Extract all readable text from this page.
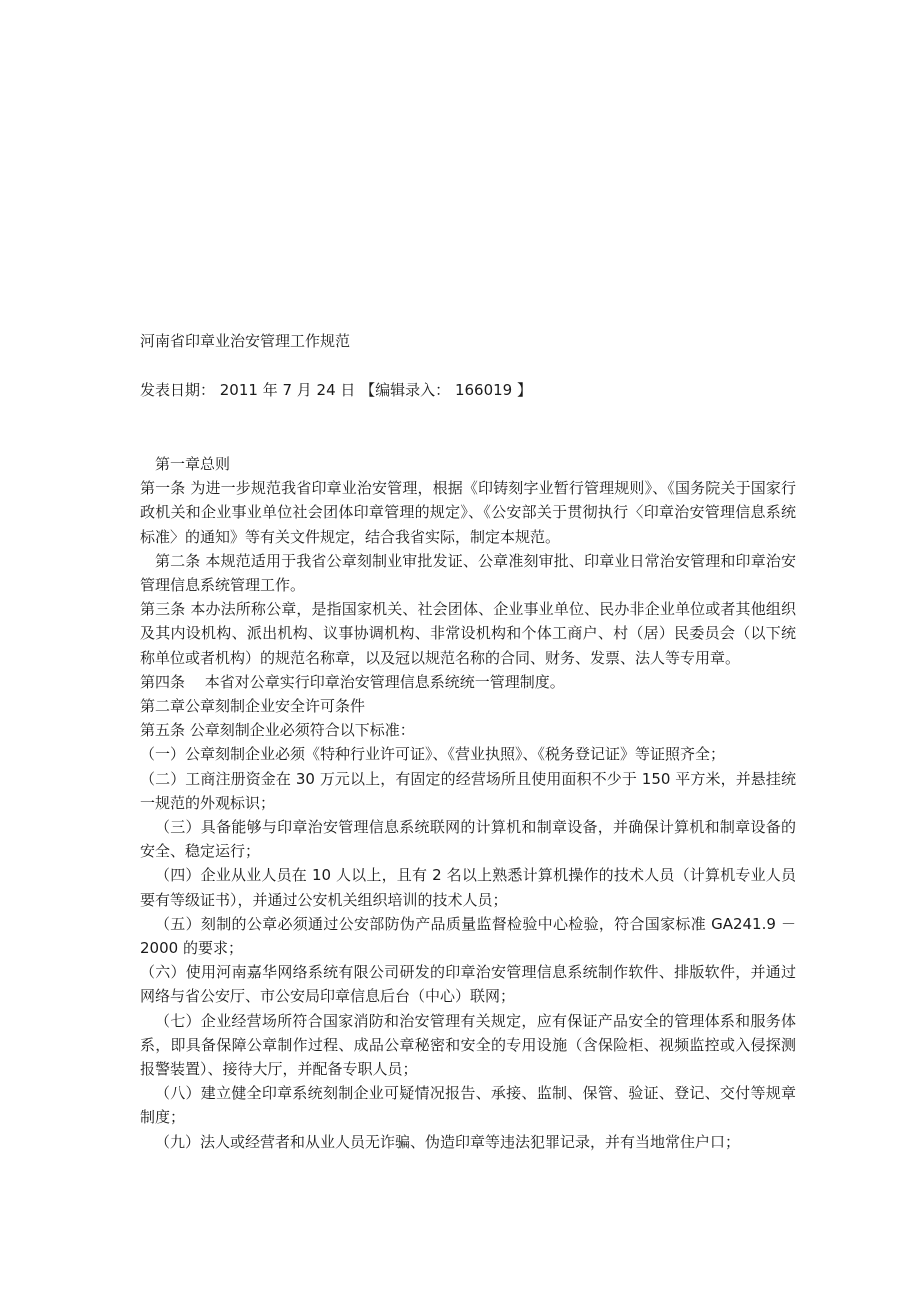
河南省印章业治安管理工作规范
发表日期： 2011 年 7 月 24 日 【编辑录入： 166019 】

第一章总则

第一条 为进一步规范我省印章业治安管理，根据《印铸刻字业暂行管理规则》、《国务院关于国家行政机关和企业事业单位社会团体印章管理的规定》、《公安部关于贯彻执行〈印章治安管理信息系统标准〉的通知》等有关文件规定，结合我省实际，制定本规范。

第二条 本规范适用于我省公章刻制业审批发证、公章准刻审批、印章业日常治安管理和印章治安管理信息系统管理工作。

第三条 本办法所称公章，是指国家机关、社会团体、企业事业单位、民办非企业单位或者其他组织及其内设机构、派出机构、议事协调机构、非常设机构和个体工商户、村（居）民委员会（以下统称单位或者机构）的规范名称章，以及冠以规范名称的合同、财务、发票、法人等专用章。

第四条　 本省对公章实行印章治安管理信息系统统一管理制度。

第二章公章刻制企业安全许可条件

第五条 公章刻制企业必须符合以下标准：

（一）公章刻制企业必须《特种行业许可证》、《营业执照》、《税务登记证》等证照齐全；

（二）工商注册资金在 30 万元以上，有固定的经营场所且使用面积不少于 150 平方米，并悬挂统一规范的外观标识；

（三）具备能够与印章治安管理信息系统联网的计算机和制章设备，并确保计算机和制章设备的安全、稳定运行；

（四）企业从业人员在 10 人以上，且有 2 名以上熟悉计算机操作的技术人员（计算机专业人员要有等级证书），并通过公安机关组织培训的技术人员；

（五）刻制的公章必须通过公安部防伪产品质量监督检验中心检验，符合国家标准 GA241.9 － 2000 的要求；

（六）使用河南嘉华网络系统有限公司研发的印章治安管理信息系统制作软件、排版软件，并通过网络与省公安厅、市公安局印章信息后台（中心）联网；

（七）企业经营场所符合国家消防和治安管理有关规定，应有保证产品安全的管理体系和服务体系，即具备保障公章制作过程、成品公章秘密和安全的专用设施（含保险柜、视频监控或入侵探测报警装置）、接待大厅，并配备专职人员；

（八）建立健全印章系统刻制企业可疑情况报告、承接、监制、保管、验证、登记、交付等规章制度；

（九）法人或经营者和从业人员无诈骗、伪造印章等违法犯罪记录，并有当地常住户口；
